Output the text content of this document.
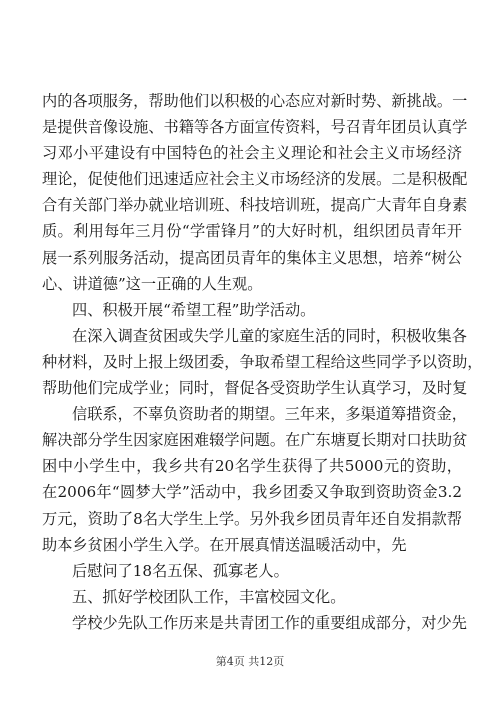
内的各项服务，帮助他们以积极的心态应对新时势、新挑战。一
是提供音像设施、书籍等各方面宣传资料，号召青年团员认真学
习邓小平建设有中国特色的社会主义理论和社会主义市场经济
理论，促使他们迅速适应社会主义市场经济的发展。二是积极配
合有关部门举办就业培训班、科技培训班，提高广大青年自身素
质。利用每年三月份“学雷锋月”的大好时机，组织团员青年开
展一系列服务活动，提高团员青年的集体主义思想，培养“树公
心、讲道德”这一正确的人生观。
四、积极开展“希望工程”助学活动。
在深入调查贫困或失学儿童的家庭生活的同时，积极收集各
种材料，及时上报上级团委，争取希望工程给这些同学予以资助，
帮助他们完成学业；同时，督促各受资助学生认真学习，及时复
信联系，不辜负资助者的期望。三年来，多渠道筹措资金，
解决部分学生因家庭困难辍学问题。在广东塘夏长期对口扶助贫
困中小学生中，我乡共有20名学生获得了共5000元的资助，
在2006年“圆梦大学”活动中，我乡团委又争取到资助资金3.2
万元，资助了8名大学生上学。另外我乡团员青年还自发捐款帮
助本乡贫困小学生入学。在开展真情送温暖活动中，先
后慰问了18名五保、孤寡老人。
五、抓好学校团队工作，丰富校园文化。
学校少先队工作历来是共青团工作的重要组成部分，对少先
第4页 共12页
